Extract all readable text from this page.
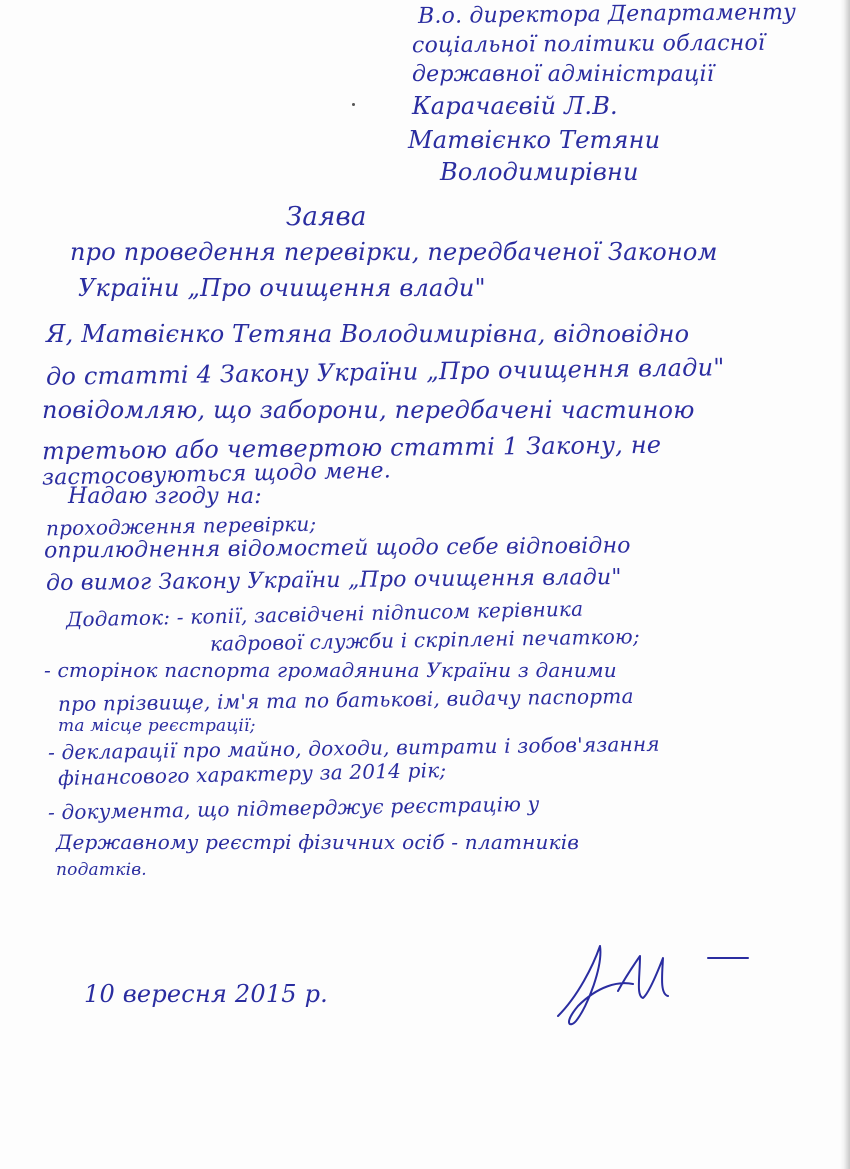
В.о. директора Департаменту
соціальної політики обласної
державної адміністрації
Карачаєвій Л.В.
Матвієнко Тетяни
Володимирівни
Заява
про проведення перевірки, передбаченої Законом
України „Про очищення влади"
Я, Матвієнко Тетяна Володимирівна, відповідно
до статті 4 Закону України „Про очищення влади"
повідомляю, що заборони, передбачені частиною
третьою або четвертою статті 1 Закону, не
застосовуються щодо мене.
Надаю згоду на:
проходження перевірки;
оприлюднення відомостей щодо себе відповідно
до вимог Закону України „Про очищення влади"
Додаток: - копії, засвідчені підписом керівника
кадрової служби і скріплені печаткою;
- сторінок паспорта громадянина України з даними
про прізвище, ім'я та по батькові, видачу паспорта
та місце реєстрації;
- декларації про майно, доходи, витрати і зобов'язання
фінансового характеру за 2014 рік;
- документа, що підтверджує реєстрацію у
Державному реєстрі фізичних осіб - платників
податків.
10 вересня 2015 р.
